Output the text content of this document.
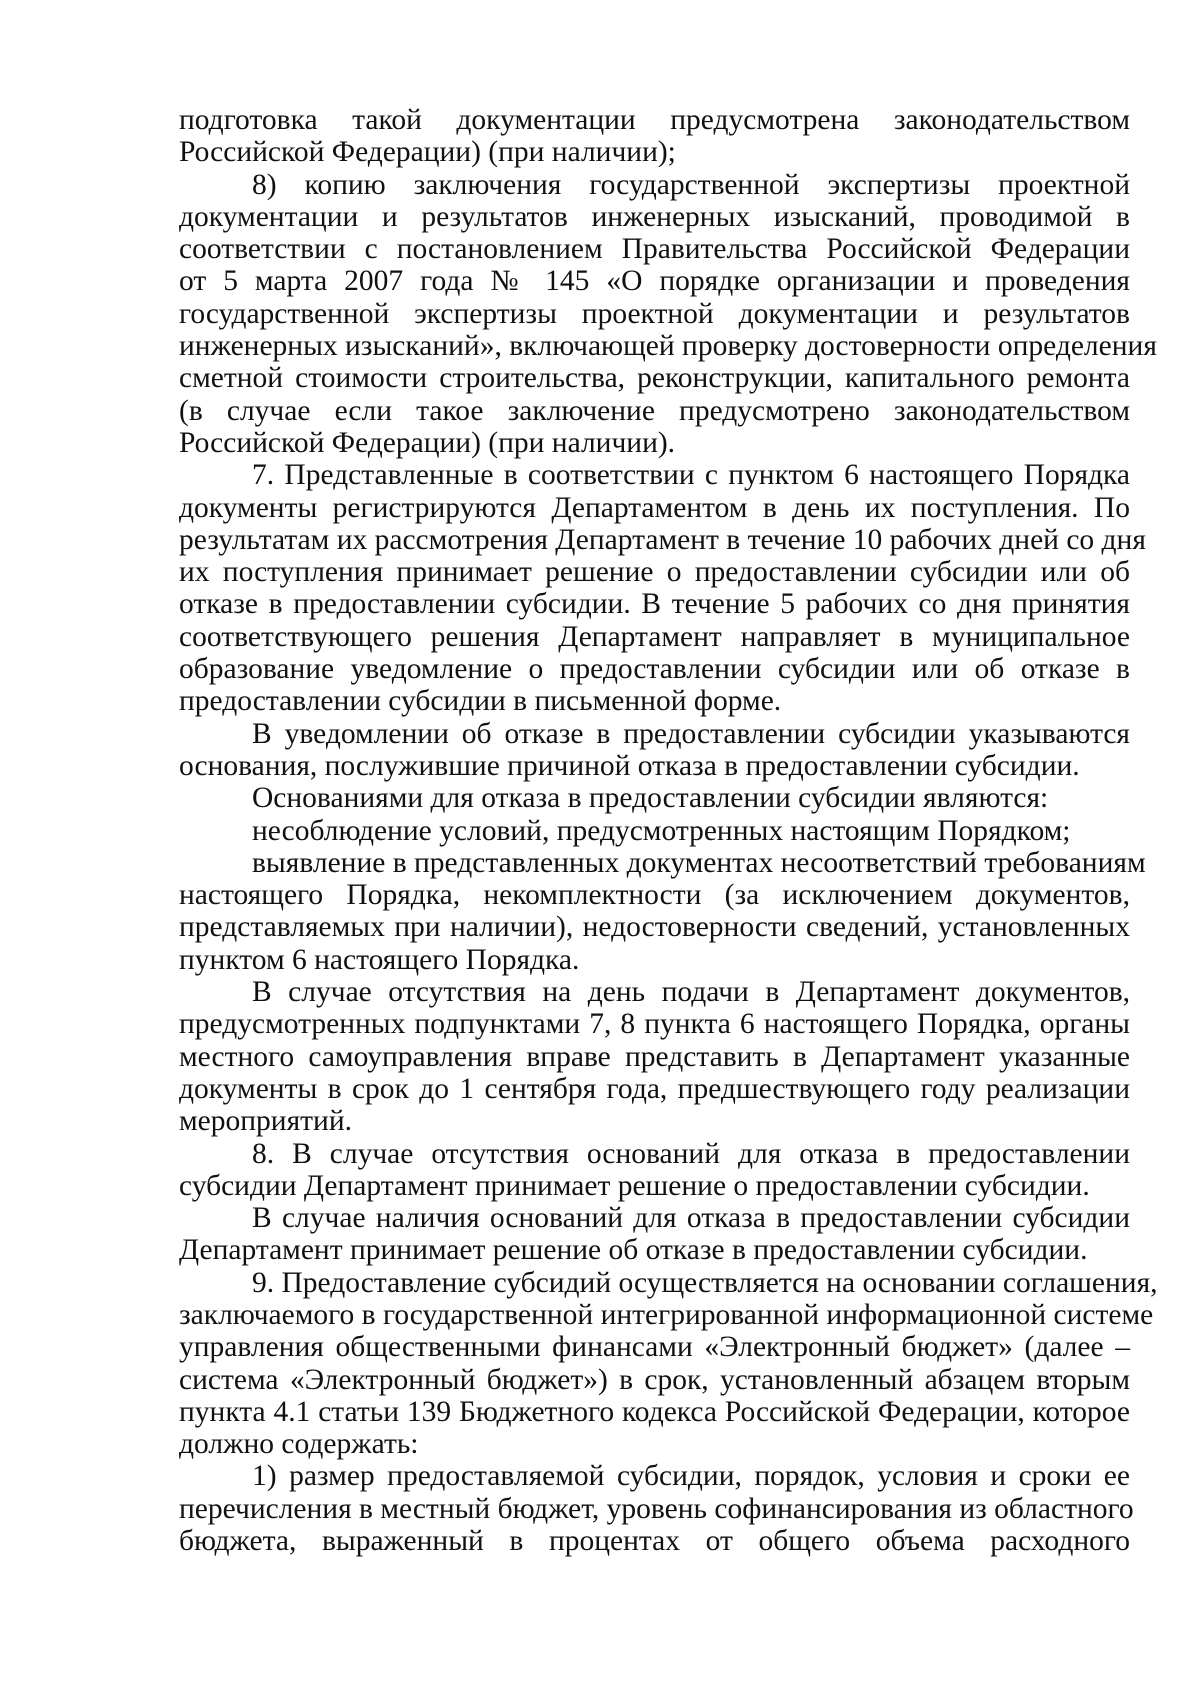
подготовка такой документации предусмотрена законодательством
Российской Федерации) (при наличии);
8) копию заключения государственной экспертизы проектной
документации и результатов инженерных изысканий, проводимой в
соответствии с постановлением Правительства Российской Федерации
от 5 марта 2007 года № 145 «О порядке организации и проведения
государственной экспертизы проектной документации и результатов
инженерных изысканий», включающей проверку достоверности определения
сметной стоимости строительства, реконструкции, капитального ремонта
(в случае если такое заключение предусмотрено законодательством
Российской Федерации) (при наличии).
7. Представленные в соответствии с пунктом 6 настоящего Порядка
документы регистрируются Департаментом в день их поступления. По
результатам их рассмотрения Департамент в течение 10 рабочих дней со дня
их поступления принимает решение о предоставлении субсидии или об
отказе в предоставлении субсидии. В течение 5 рабочих со дня принятия
соответствующего решения Департамент направляет в муниципальное
образование уведомление о предоставлении субсидии или об отказе в
предоставлении субсидии в письменной форме.
В уведомлении об отказе в предоставлении субсидии указываются
основания, послужившие причиной отказа в предоставлении субсидии.
Основаниями для отказа в предоставлении субсидии являются:
несоблюдение условий, предусмотренных настоящим Порядком;
выявление в представленных документах несоответствий требованиям
настоящего Порядка, некомплектности (за исключением документов,
представляемых при наличии), недостоверности сведений, установленных
пунктом 6 настоящего Порядка.
В случае отсутствия на день подачи в Департамент документов,
предусмотренных подпунктами 7, 8 пункта 6 настоящего Порядка, органы
местного самоуправления вправе представить в Департамент указанные
документы в срок до 1 сентября года, предшествующего году реализации
мероприятий.
8. В случае отсутствия оснований для отказа в предоставлении
субсидии Департамент принимает решение о предоставлении субсидии.
В случае наличия оснований для отказа в предоставлении субсидии
Департамент принимает решение об отказе в предоставлении субсидии.
9. Предоставление субсидий осуществляется на основании соглашения,
заключаемого в государственной интегрированной информационной системе
управления общественными финансами «Электронный бюджет» (далее –
система «Электронный бюджет») в срок, установленный абзацем вторым
пункта 4.1 статьи 139 Бюджетного кодекса Российской Федерации, которое
должно содержать:
1) размер предоставляемой субсидии, порядок, условия и сроки ее
перечисления в местный бюджет, уровень софинансирования из областного
бюджета, выраженный в процентах от общего объема расходного
